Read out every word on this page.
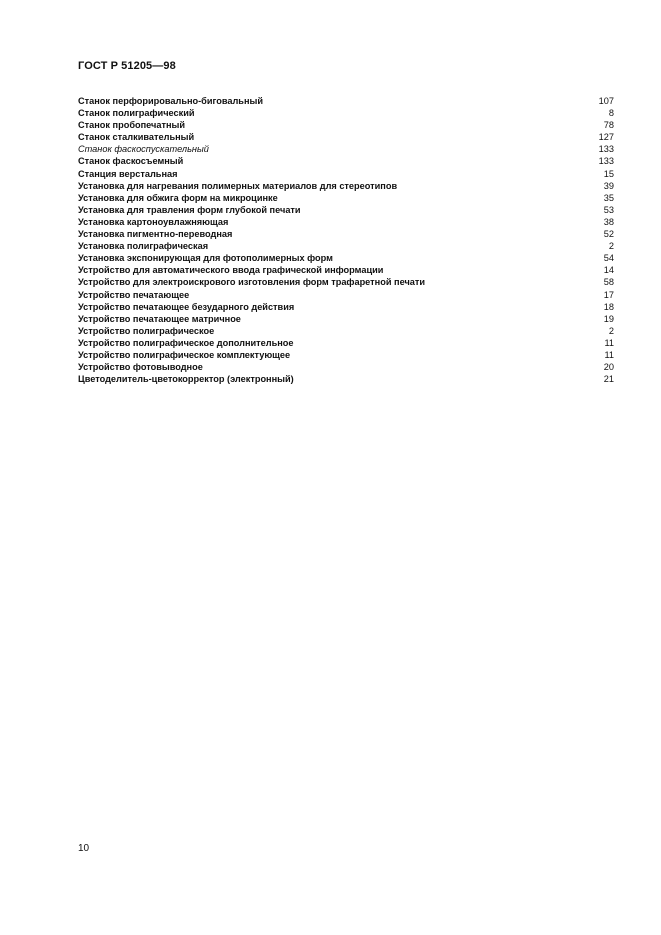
ГОСТ Р 51205—98
Станок перфорировально-биговальный	107
Станок полиграфический	8
Станок пробопечатный	78
Станок сталкивательный	127
Станок фаскоспускательный	133
Станок фаскосъемный	133
Станция верстальная	15
Установка для нагревания полимерных материалов для стереотипов	39
Установка для обжига форм на микроцинке	35
Установка для травления форм глубокой печати	53
Установка картоноувлажняющая	38
Установка пигментно-переводная	52
Установка полиграфическая	2
Установка экспонирующая для фотополимерных форм	54
Устройство для автоматического ввода графической информации	14
Устройство для электроискрового изготовления форм трафаретной печати	58
Устройство печатающее	17
Устройство печатающее безударного действия	18
Устройство печатающее матричное	19
Устройство полиграфическое	2
Устройство полиграфическое дополнительное	11
Устройство полиграфическое комплектующее	11
Устройство фотовыводное	20
Цветоделитель-цветокорректор (электронный)	21
10
